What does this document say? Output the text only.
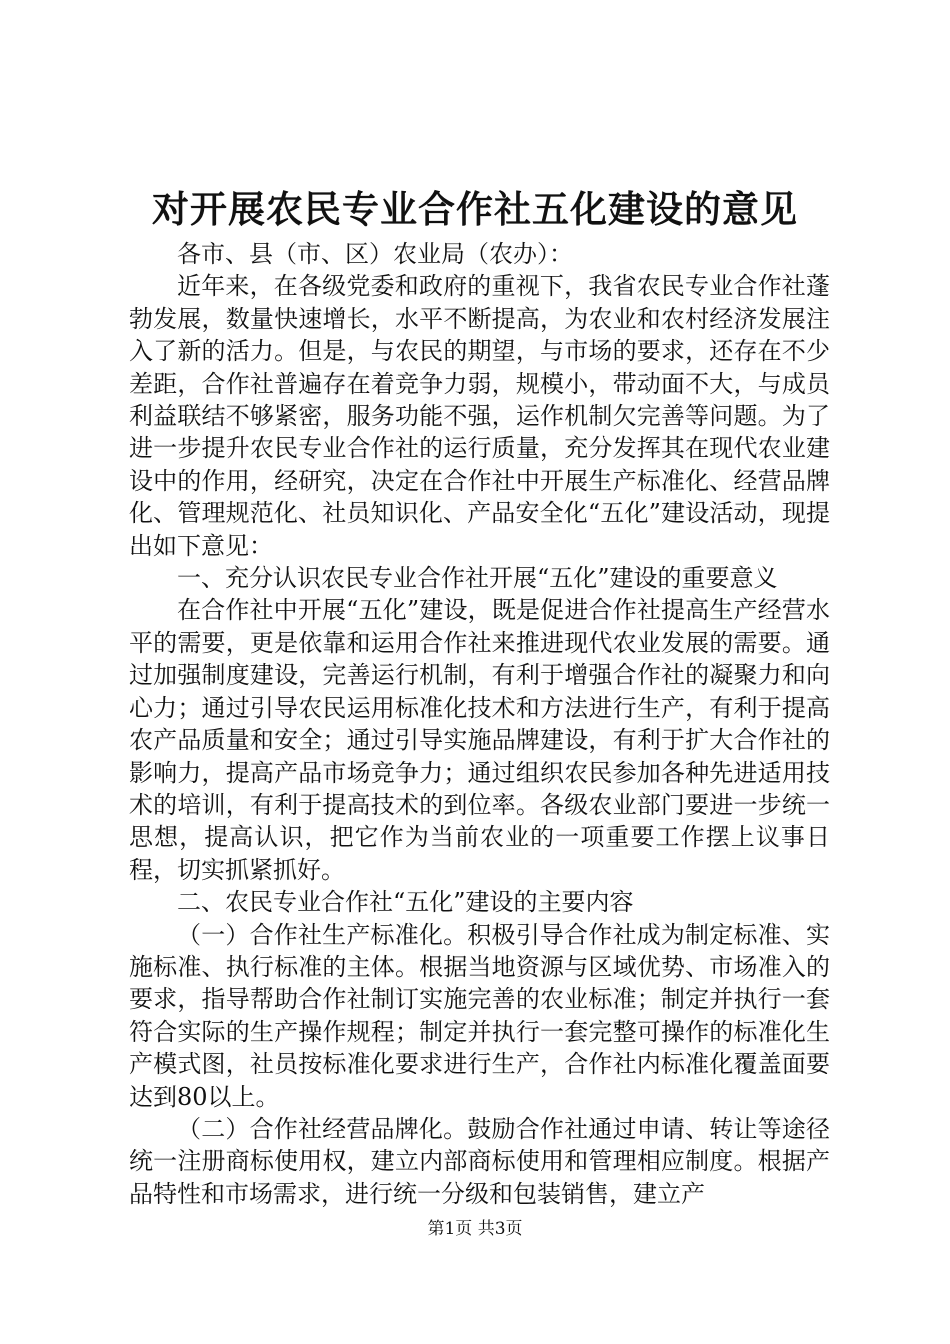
对开展农民专业合作社五化建设的意见

各市、县（市、区）农业局（农办）：

近年来，在各级党委和政府的重视下，我省农民专业合作社蓬勃发展，数量快速增长，水平不断提高，为农业和农村经济发展注入了新的活力。但是，与农民的期望，与市场的要求，还存在不少差距，合作社普遍存在着竞争力弱，规模小，带动面不大，与成员利益联结不够紧密，服务功能不强，运作机制欠完善等问题。为了进一步提升农民专业合作社的运行质量，充分发挥其在现代农业建设中的作用，经研究，决定在合作社中开展生产标准化、经营品牌化、管理规范化、社员知识化、产品安全化“五化”建设活动，现提出如下意见：

一、充分认识农民专业合作社开展“五化”建设的重要意义

在合作社中开展“五化”建设，既是促进合作社提高生产经营水平的需要，更是依靠和运用合作社来推进现代农业发展的需要。通过加强制度建设，完善运行机制，有利于增强合作社的凝聚力和向心力；通过引导农民运用标准化技术和方法进行生产，有利于提高农产品质量和安全；通过引导实施品牌建设，有利于扩大合作社的影响力，提高产品市场竞争力；通过组织农民参加各种先进适用技术的培训，有利于提高技术的到位率。各级农业部门要进一步统一思想，提高认识，把它作为当前农业的一项重要工作摆上议事日程，切实抓紧抓好。

二、农民专业合作社“五化”建设的主要内容

（一）合作社生产标准化。积极引导合作社成为制定标准、实施标准、执行标准的主体。根据当地资源与区域优势、市场准入的要求，指导帮助合作社制订实施完善的农业标准；制定并执行一套符合实际的生产操作规程；制定并执行一套完整可操作的标准化生产模式图，社员按标准化要求进行生产，合作社内标准化覆盖面要达到80以上。

（二）合作社经营品牌化。鼓励合作社通过申请、转让等途径统一注册商标使用权，建立内部商标使用和管理相应制度。根据产品特性和市场需求，进行统一分级和包装销售，建立产

第1页 共3页
